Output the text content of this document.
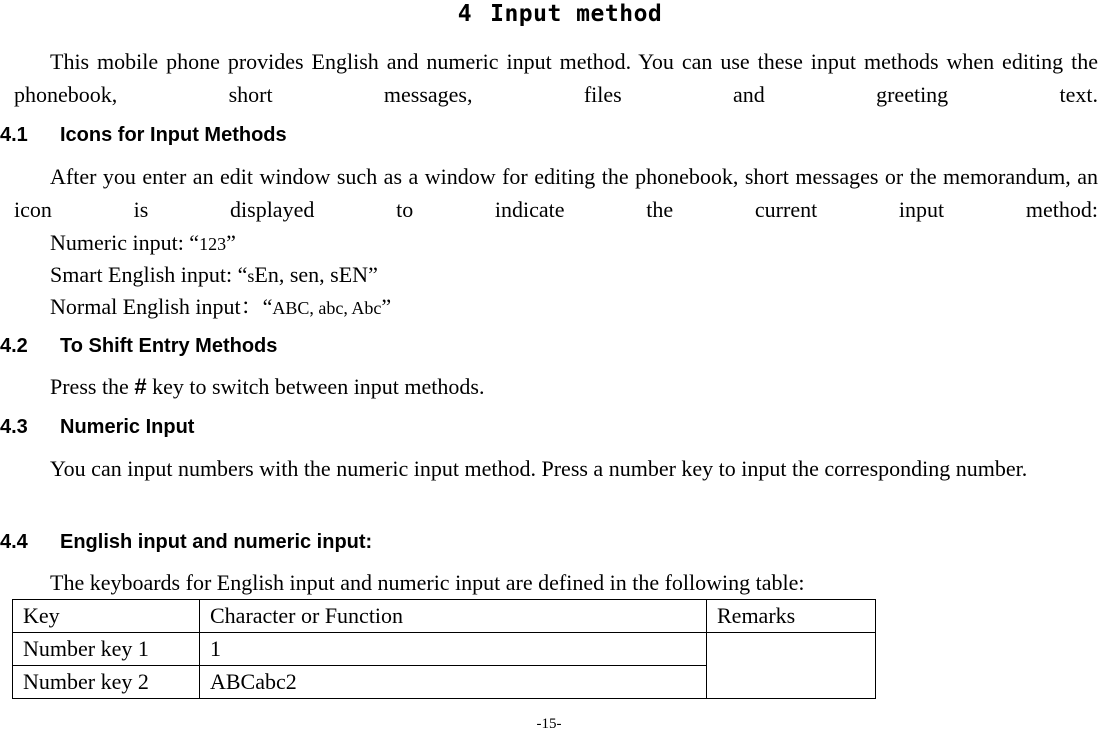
4 Input method

This mobile phone provides English and numeric input method. You can use these input methods when editing the phonebook, short messages, files and greeting text.

4.1 Icons for Input Methods

After you enter an edit window such as a window for editing the phonebook, short messages or the memorandum, an icon is displayed to indicate the current input method:

Numeric input: “123”
Smart English input: “sEn, sen, sEN”
Normal English input：“ABC, abc, Abc”
4.2 To Shift Entry Methods
Press the # key to switch between input methods.
4.3 Numeric Input

You can input numbers with the numeric input method. Press a number key to input the corresponding number.

4.4 English input and numeric input:
The keyboards for English input and numeric input are defined in the following table:
Key	Character or Function	Remarks
Number key 1	1	
Number key 2	ABCabc2	
-15-
